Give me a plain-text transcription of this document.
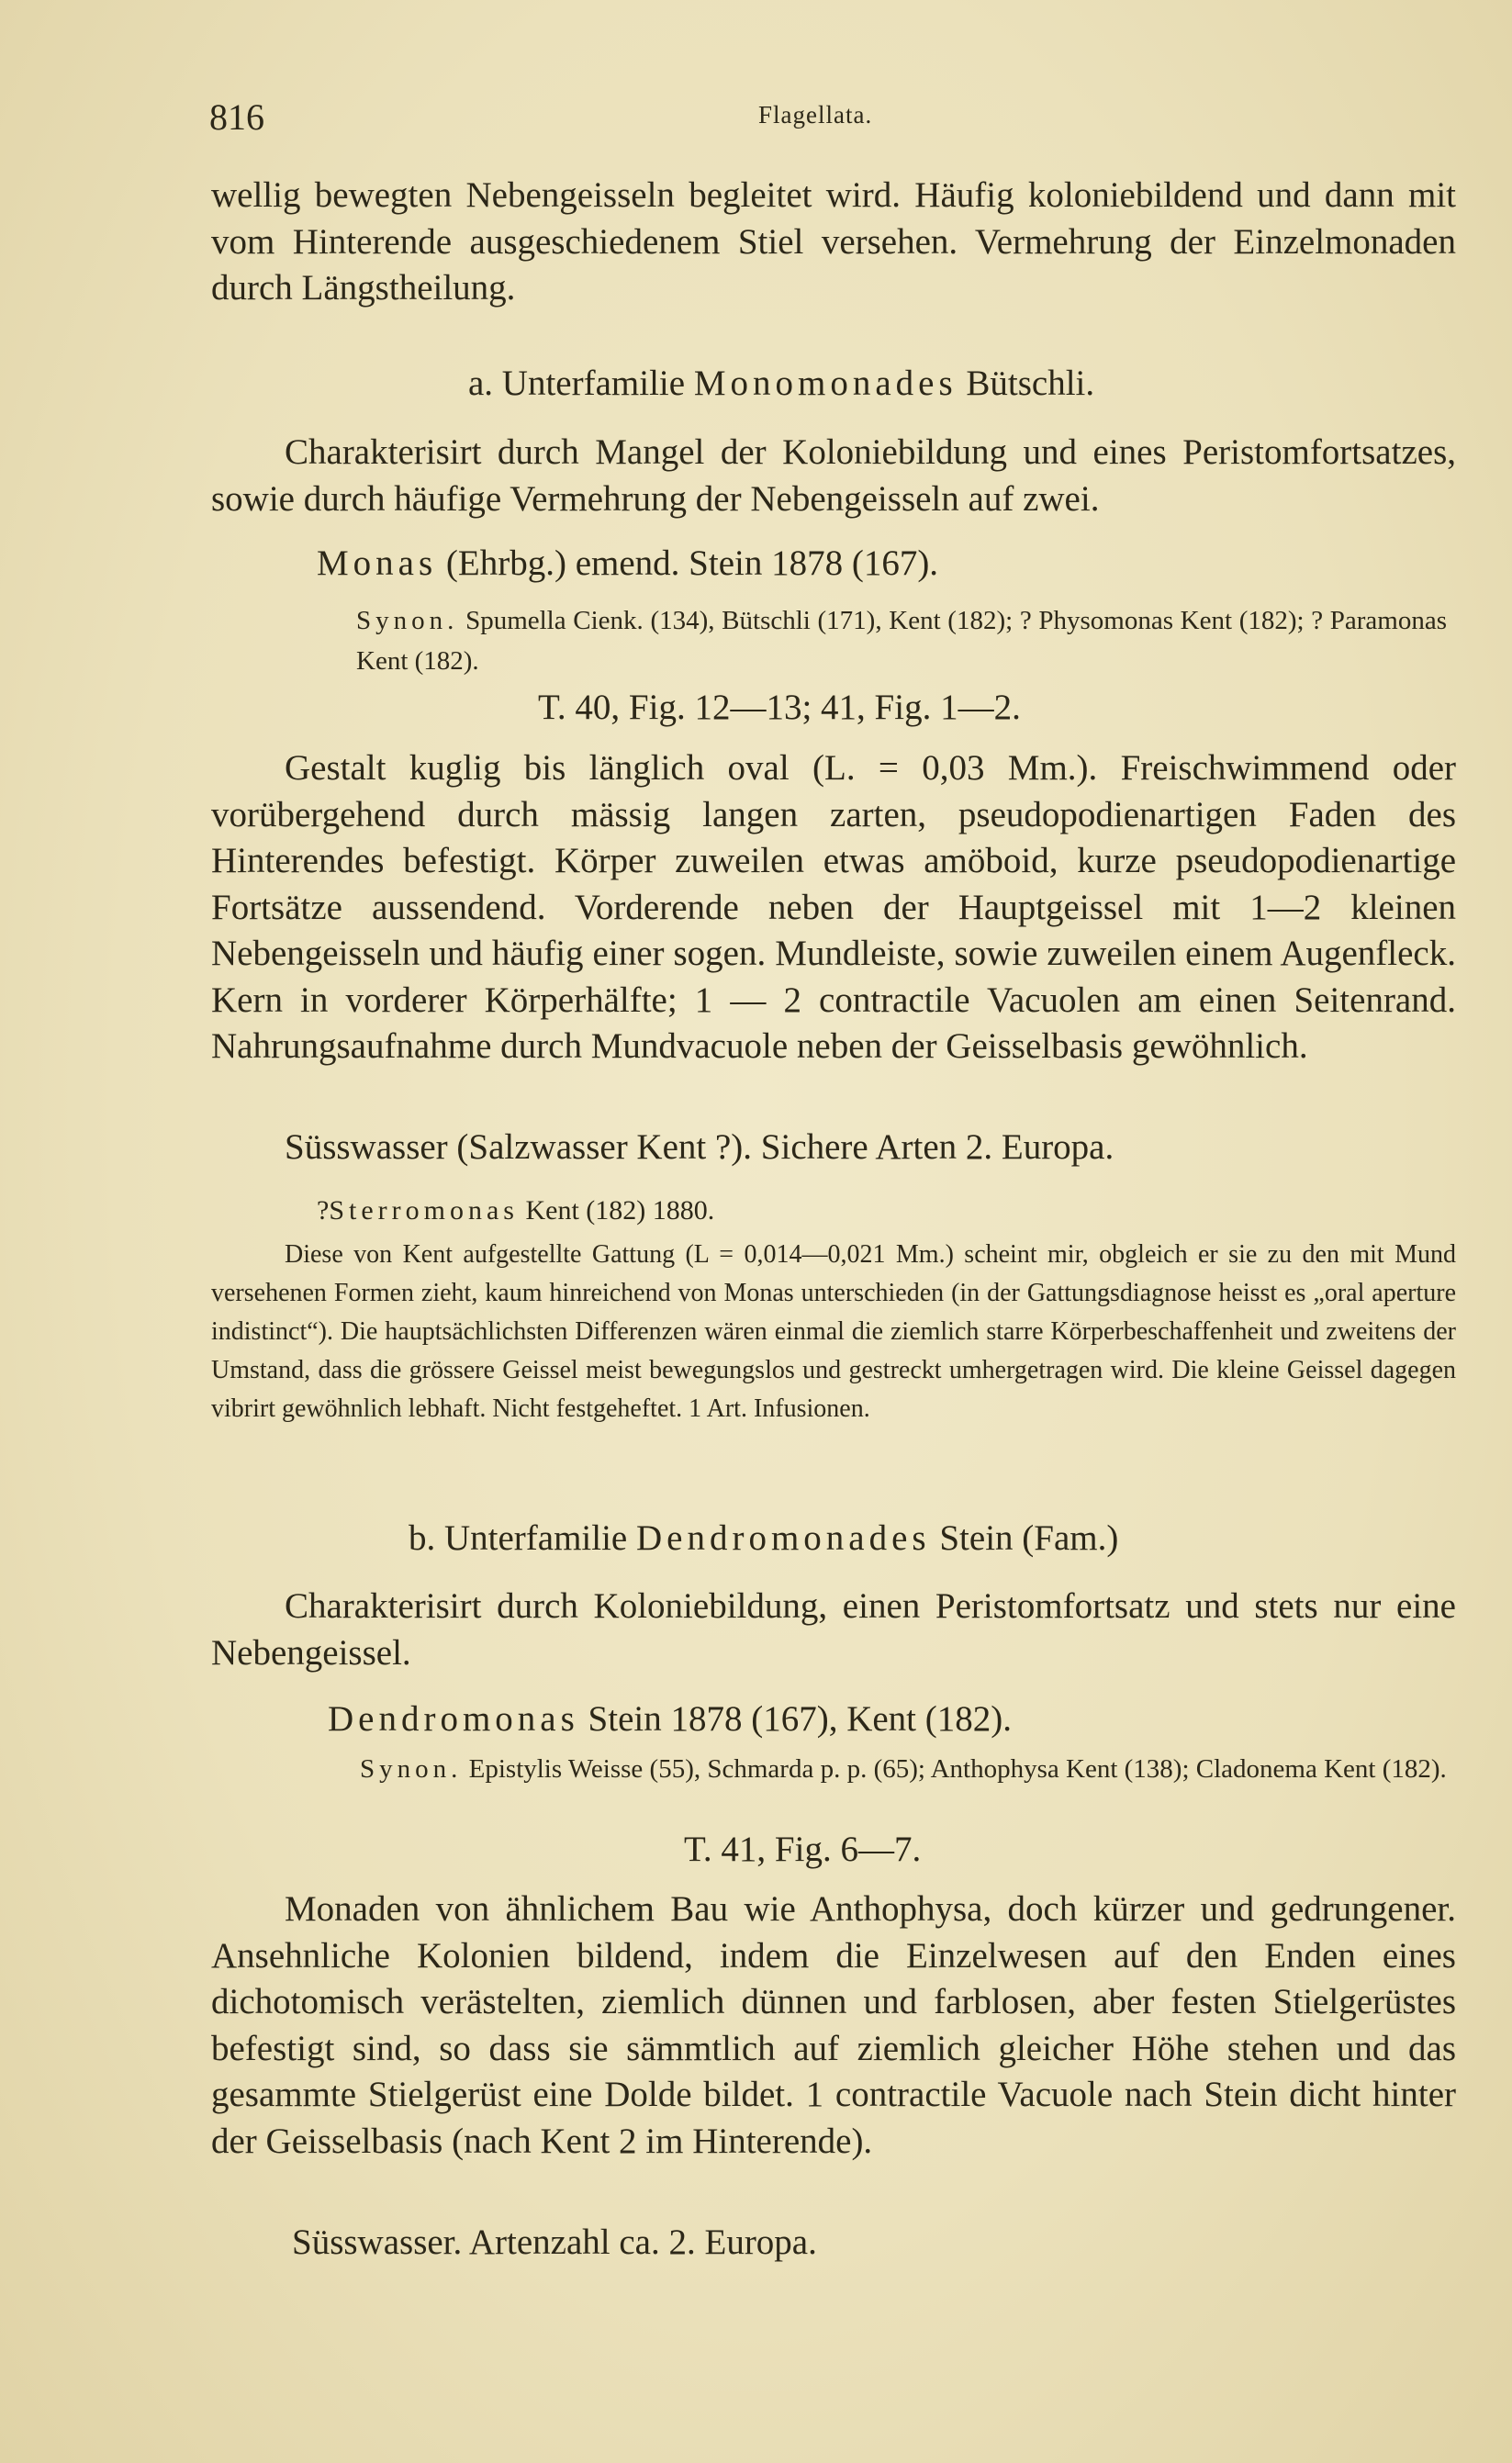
816	Flagellata.
wellig bewegten Nebengeisseln begleitet wird. Häufig koloniebildend und dann mit vom Hinterende ausgeschiedenem Stiel versehen. Vermehrung der Einzelmonaden durch Längstheilung.
a. Unterfamilie Monomonades Bütschli.
Charakterisirt durch Mangel der Koloniebildung und eines Peristomfortsatzes, sowie durch häufige Vermehrung der Nebengeisseln auf zwei.
Monas (Ehrbg.) emend. Stein 1878 (167).
Synon. Spumella Cienk. (134), Bütschli (171), Kent (182); ? Physomonas Kent (182); ? Paramonas Kent (182).
T. 40, Fig. 12—13; 41, Fig. 1—2.
Gestalt kuglig bis länglich oval (L. = 0,03 Mm.). Freischwimmend oder vorübergehend durch mässig langen zarten, pseudopodienartigen Faden des Hinterendes befestigt. Körper zuweilen etwas amöboid, kurze pseudopodienartige Fortsätze aussendend. Vorderende neben der Hauptgeissel mit 1—2 kleinen Nebengeisseln und häufig einer sogen. Mundleiste, sowie zuweilen einem Augenfleck. Kern in vorderer Körperhälfte; 1 — 2 contractile Vacuolen am einen Seitenrand. Nahrungsaufnahme durch Mundvacuole neben der Geisselbasis gewöhnlich.
Süsswasser (Salzwasser Kent ?). Sichere Arten 2. Europa.
?Sterromonas Kent (182) 1880.
Diese von Kent aufgestellte Gattung (L = 0,014—0,021 Mm.) scheint mir, obgleich er sie zu den mit Mund versehenen Formen zieht, kaum hinreichend von Monas unterschieden (in der Gattungsdiagnose heisst es „oral aperture indistinct“). Die hauptsächlichsten Differenzen wären einmal die ziemlich starre Körperbeschaffenheit und zweitens der Umstand, dass die grössere Geissel meist bewegungslos und gestreckt umhergetragen wird. Die kleine Geissel dagegen vibrirt gewöhnlich lebhaft. Nicht festgeheftet. 1 Art. Infusionen.
b. Unterfamilie Dendromonades Stein (Fam.)
Charakterisirt durch Koloniebildung, einen Peristomfortsatz und stets nur eine Nebengeissel.
Dendromonas Stein 1878 (167), Kent (182).
Synon. Epistylis Weisse (55), Schmarda p. p. (65); Anthophysa Kent (138); Cladonema Kent (182).
T. 41, Fig. 6—7.
Monaden von ähnlichem Bau wie Anthophysa, doch kürzer und gedrungener. Ansehnliche Kolonien bildend, indem die Einzelwesen auf den Enden eines dichotomisch verästelten, ziemlich dünnen und farblosen, aber festen Stielgerüstes befestigt sind, so dass sie sämmtlich auf ziemlich gleicher Höhe stehen und das gesammte Stielgerüst eine Dolde bildet. 1 contractile Vacuole nach Stein dicht hinter der Geisselbasis (nach Kent 2 im Hinterende).
Süsswasser. Artenzahl ca. 2. Europa.
